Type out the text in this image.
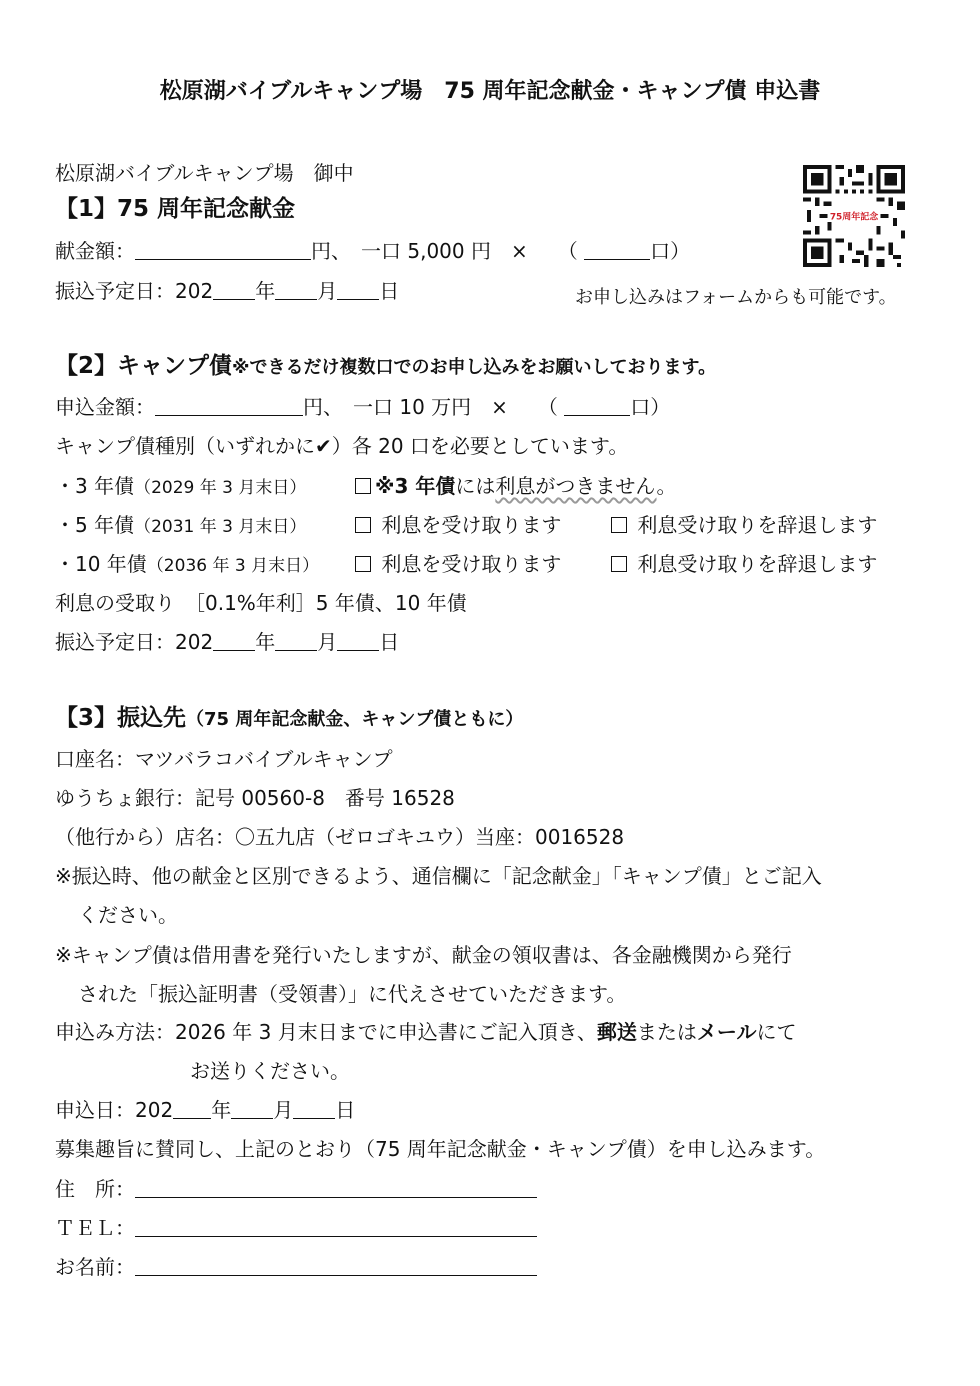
松原湖バイブルキャンプ場　75 周年記念献金・キャンプ債 申込書
松原湖バイブルキャンプ場　御中
75周年記念
お申し込みはフォームからも可能です。
【1】75 周年記念献金
献金額：	円、　一口 5,000 円　×　　（	口）
振込予定日：202 年 月 日
【2】キャンプ債※できるだけ複数口でのお申し込みをお願いしております。
申込金額：	円、　一口 10 万円　×　　（	口）
キャンプ債種別（いずれかに✔）各 20 口を必要としています。
・3 年債（2029 年 3 月末日）	※3 年債には利息がつきません。
・5 年債（2031 年 3 月末日）	利息を受け取ります	利息受け取りを辞退します
・10 年債（2036 年 3 月末日）	利息を受け取ります	利息受け取りを辞退します
利息の受取り　［0.1%年利］5 年債、10 年債
振込予定日：202 年 月 日
【3】振込先（75 周年記念献金、キャンプ債ともに）
口座名：マツバラコバイブルキャンプ
ゆうちょ銀行：記号 00560-8　番号 16528
（他行から）店名：〇五九店（ゼロゴキユウ）当座：0016528
※振込時、他の献金と区別できるよう、通信欄に「記念献金」「キャンプ債」とご記入
ください。
※キャンプ債は借用書を発行いたしますが、献金の領収書は、各金融機関から発行
された「振込証明書（受領書）」に代えさせていただきます。
申込み方法：2026 年 3 月末日までに申込書にご記入頂き、郵送またはメールにて
お送りください。
申込日：202 年 月 日
募集趣旨に賛同し、上記のとおり（75 周年記念献金・キャンプ債）を申し込みます。
住　所：
ＴＥＬ：
お名前：
